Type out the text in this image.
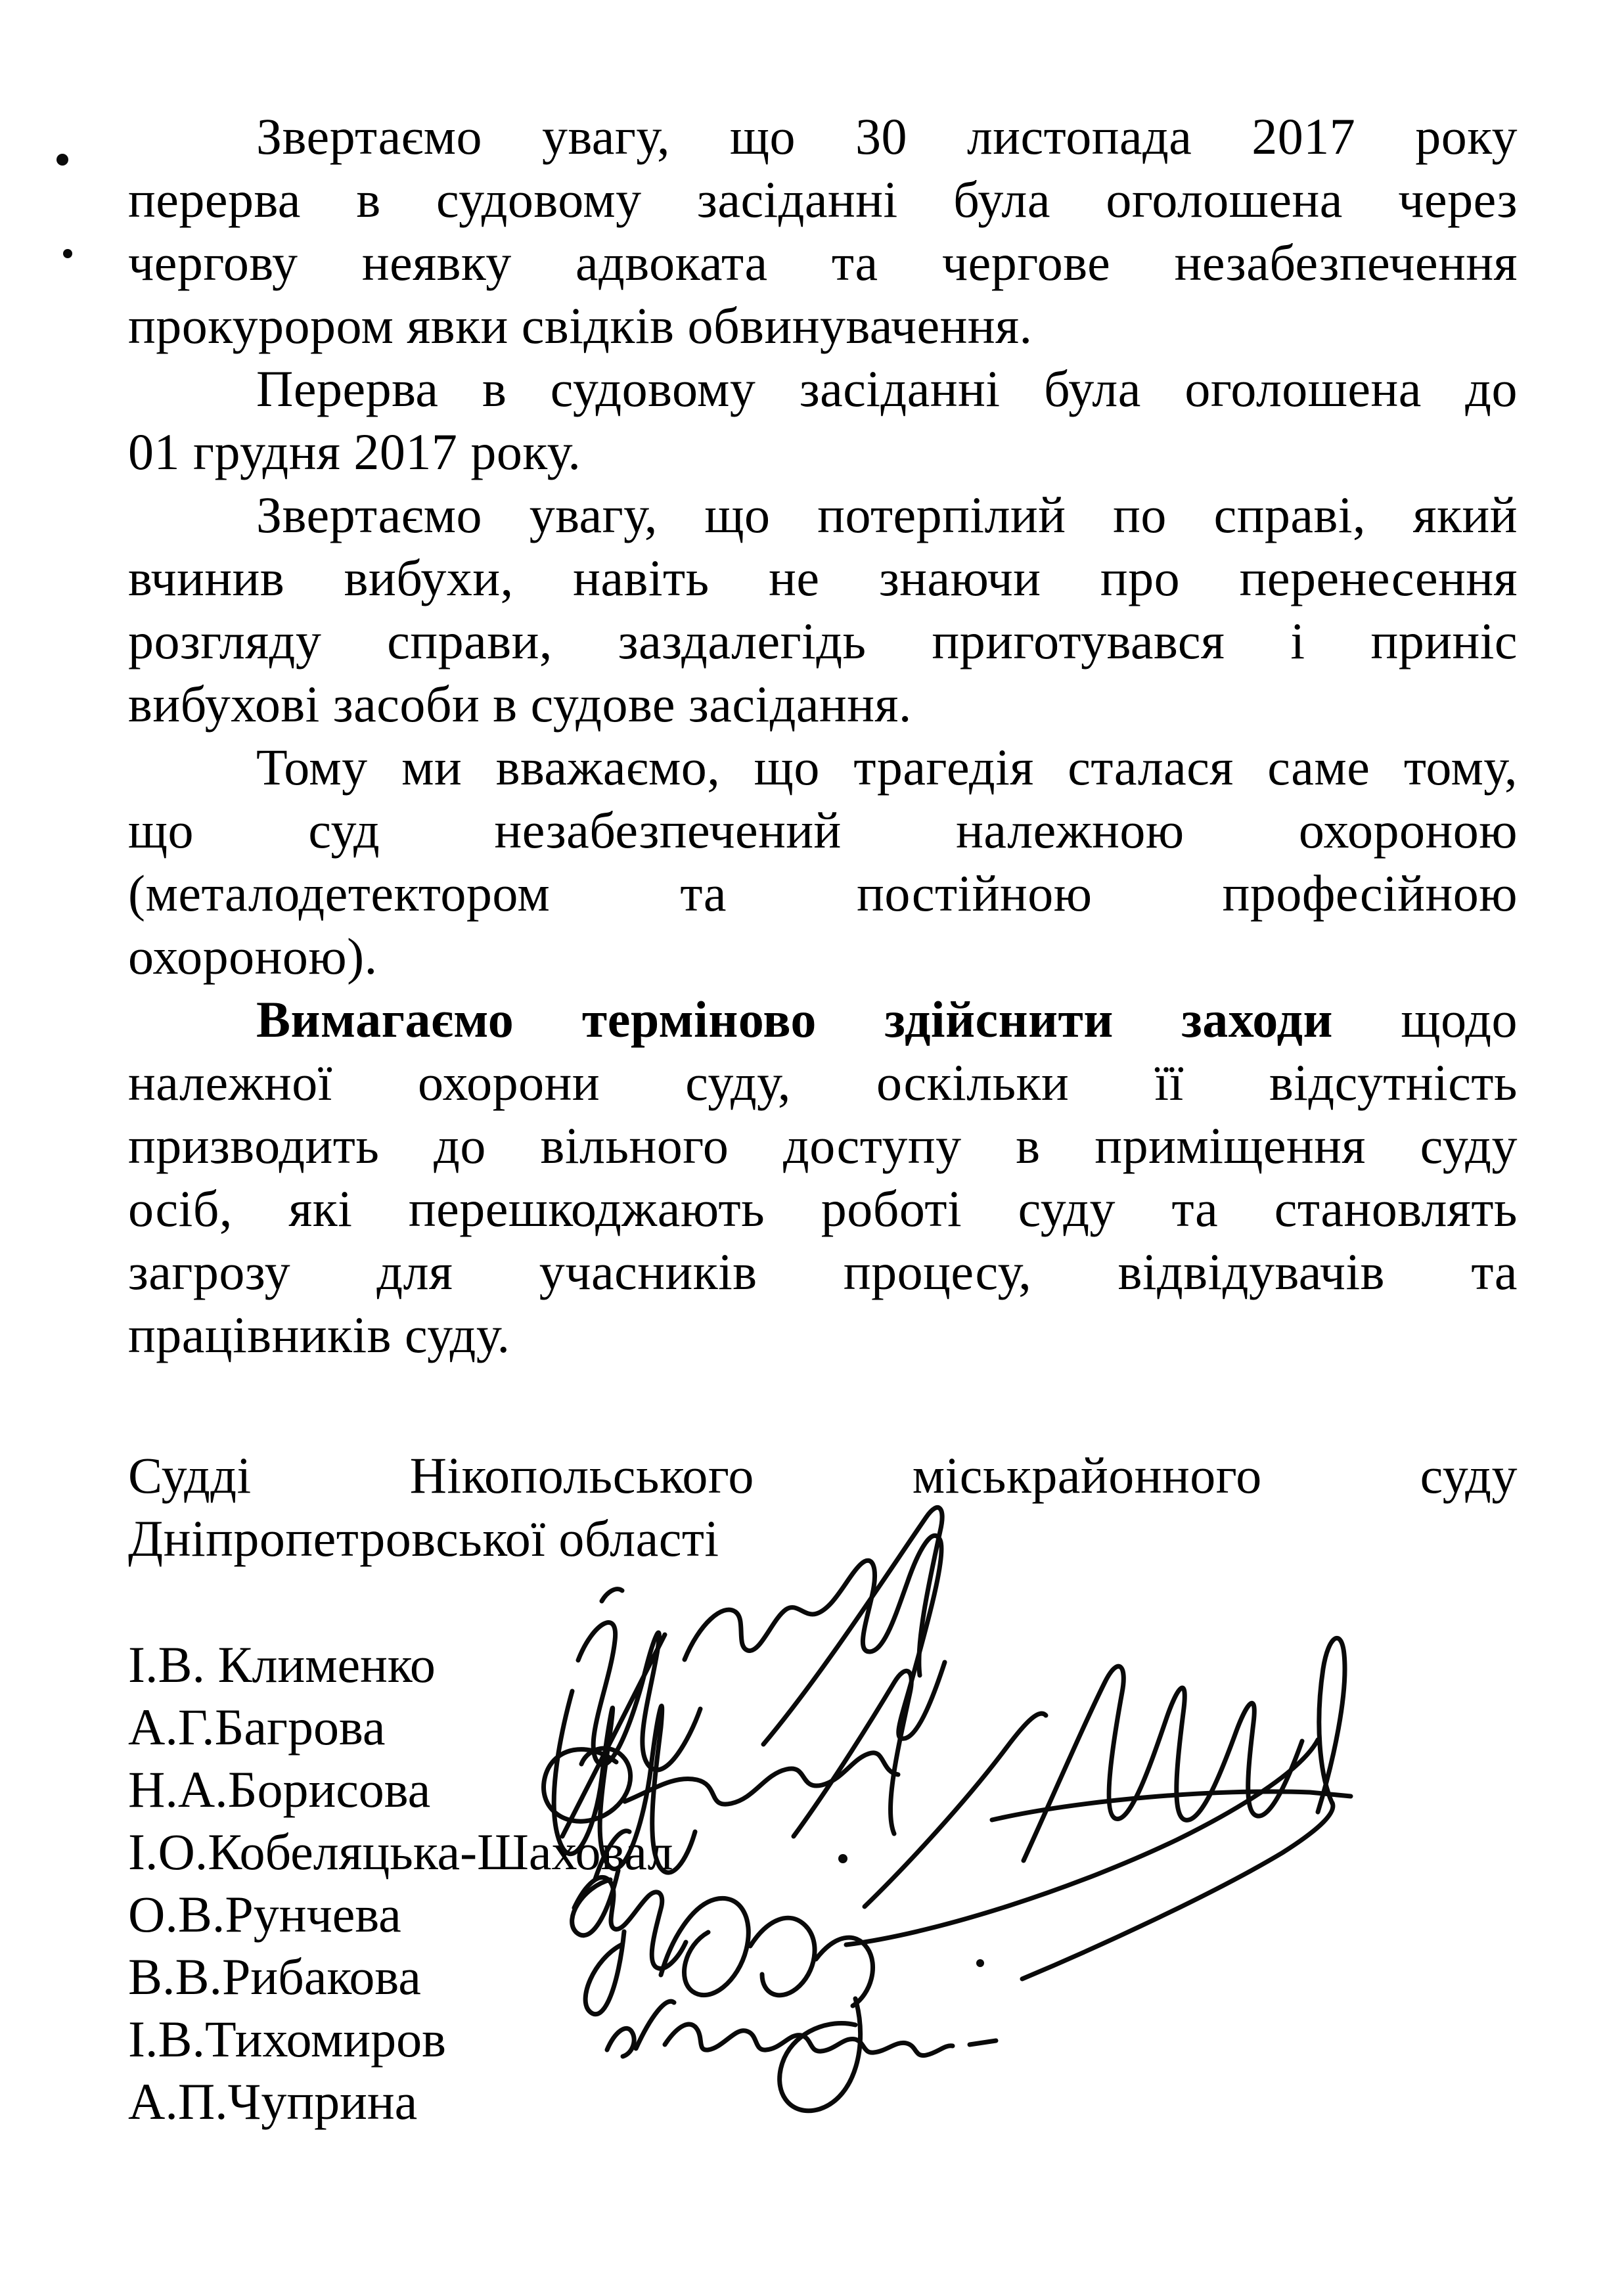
Звертаємо увагу, що 30 листопада 2017 року
перерва в судовому засіданні була оголошена через
чергову неявку адвоката та чергове незабезпечення
прокурором явки свідків обвинувачення.
Перерва в судовому засіданні була оголошена до
01 грудня 2017 року.
Звертаємо увагу, що потерпілий по справі, який
вчинив вибухи, навіть не знаючи про перенесення
розгляду справи, заздалегідь приготувався і приніс
вибухові засоби в судове засідання.
Тому ми вважаємо, що трагедія сталася саме тому,
що суд незабезпечений належною охороною
(металодетектором та постійною професійною
охороною).
Вимагаємо терміново здійснити заходи щодо
належної охорони суду, оскільки її відсутність
призводить до вільного доступу в приміщення суду
осіб, які перешкоджають роботі суду та становлять
загрозу для учасників процесу, відвідувачів та
працівників суду.
Судді Нікопольського міськрайонного суду
Дніпропетровської області
І.В. Клименко
А.Г.Багрова
Н.А.Борисова
І.О.Кобеляцька-Шаховал
О.В.Рунчева
В.В.Рибакова
І.В.Тихомиров
А.П.Чуприна
